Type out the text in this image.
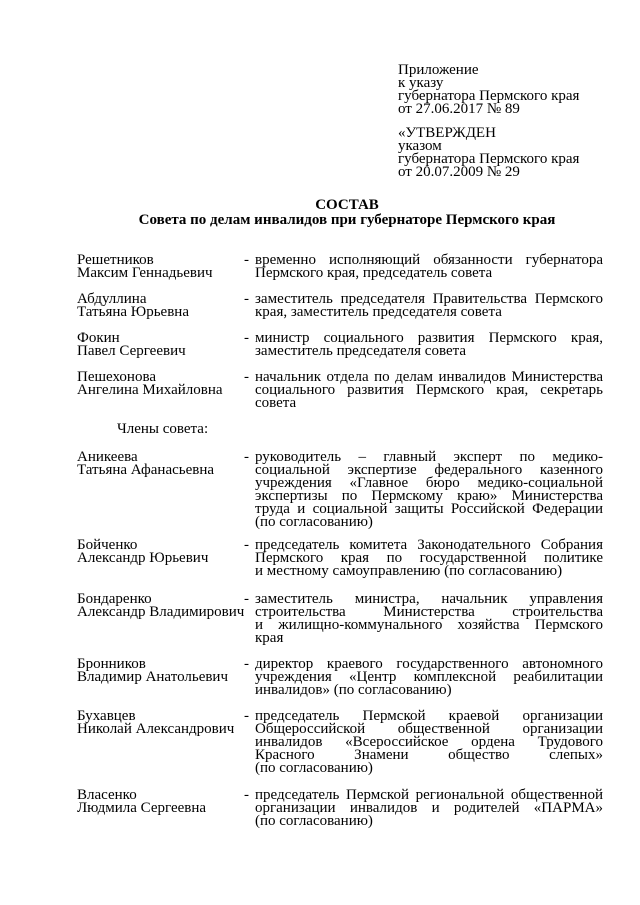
Приложение
к указу
губернатора Пермского края
от 27.06.2017 № 89
«УТВЕРЖДЕН
указом
губернатора Пермского края
от 20.07.2009 № 29
СОСТАВ
Совета по делам инвалидов при губернаторе Пермского края
Члены совета:
Решетников
Максим Геннадьевич
- временно исполняющий обязанности губернатора
Пермского края, председатель совета
Абдуллина
Татьяна Юрьевна
- заместитель председателя Правительства Пермского
края, заместитель председателя совета
Фокин
Павел Сергеевич
- министр социального развития Пермского края,
заместитель председателя совета
Пешехонова
Ангелина Михайловна
- начальник отдела по делам инвалидов Министерства
социального развития Пермского края, секретарь
совета
Аникеева
Татьяна Афанасьевна
- руководитель – главный эксперт по медико-
социальной экспертизе федерального казенного
учреждения «Главное бюро медико-социальной
экспертизы по Пермскому краю» Министерства
труда и социальной защиты Российской Федерации
(по согласованию)
Бойченко
Александр Юрьевич
- председатель комитета Законодательного Собрания
Пермского края по государственной политике
и местному самоуправлению (по согласованию)
Бондаренко
Александр Владимирович
- заместитель министра, начальник управления
строительства Министерства строительства
и жилищно-коммунального хозяйства Пермского
края
Бронников
Владимир Анатольевич
- директор краевого государственного автономного
учреждения «Центр комплексной реабилитации
инвалидов» (по согласованию)
Бухавцев
Николай Александрович
- председатель Пермской краевой организации
Общероссийской общественной организации
инвалидов «Всероссийское ордена Трудового
Красного Знамени общество слепых»
(по согласованию)
Власенко
Людмила Сергеевна
- председатель Пермской региональной общественной
организации инвалидов и родителей «ПАРМА»
(по согласованию)
